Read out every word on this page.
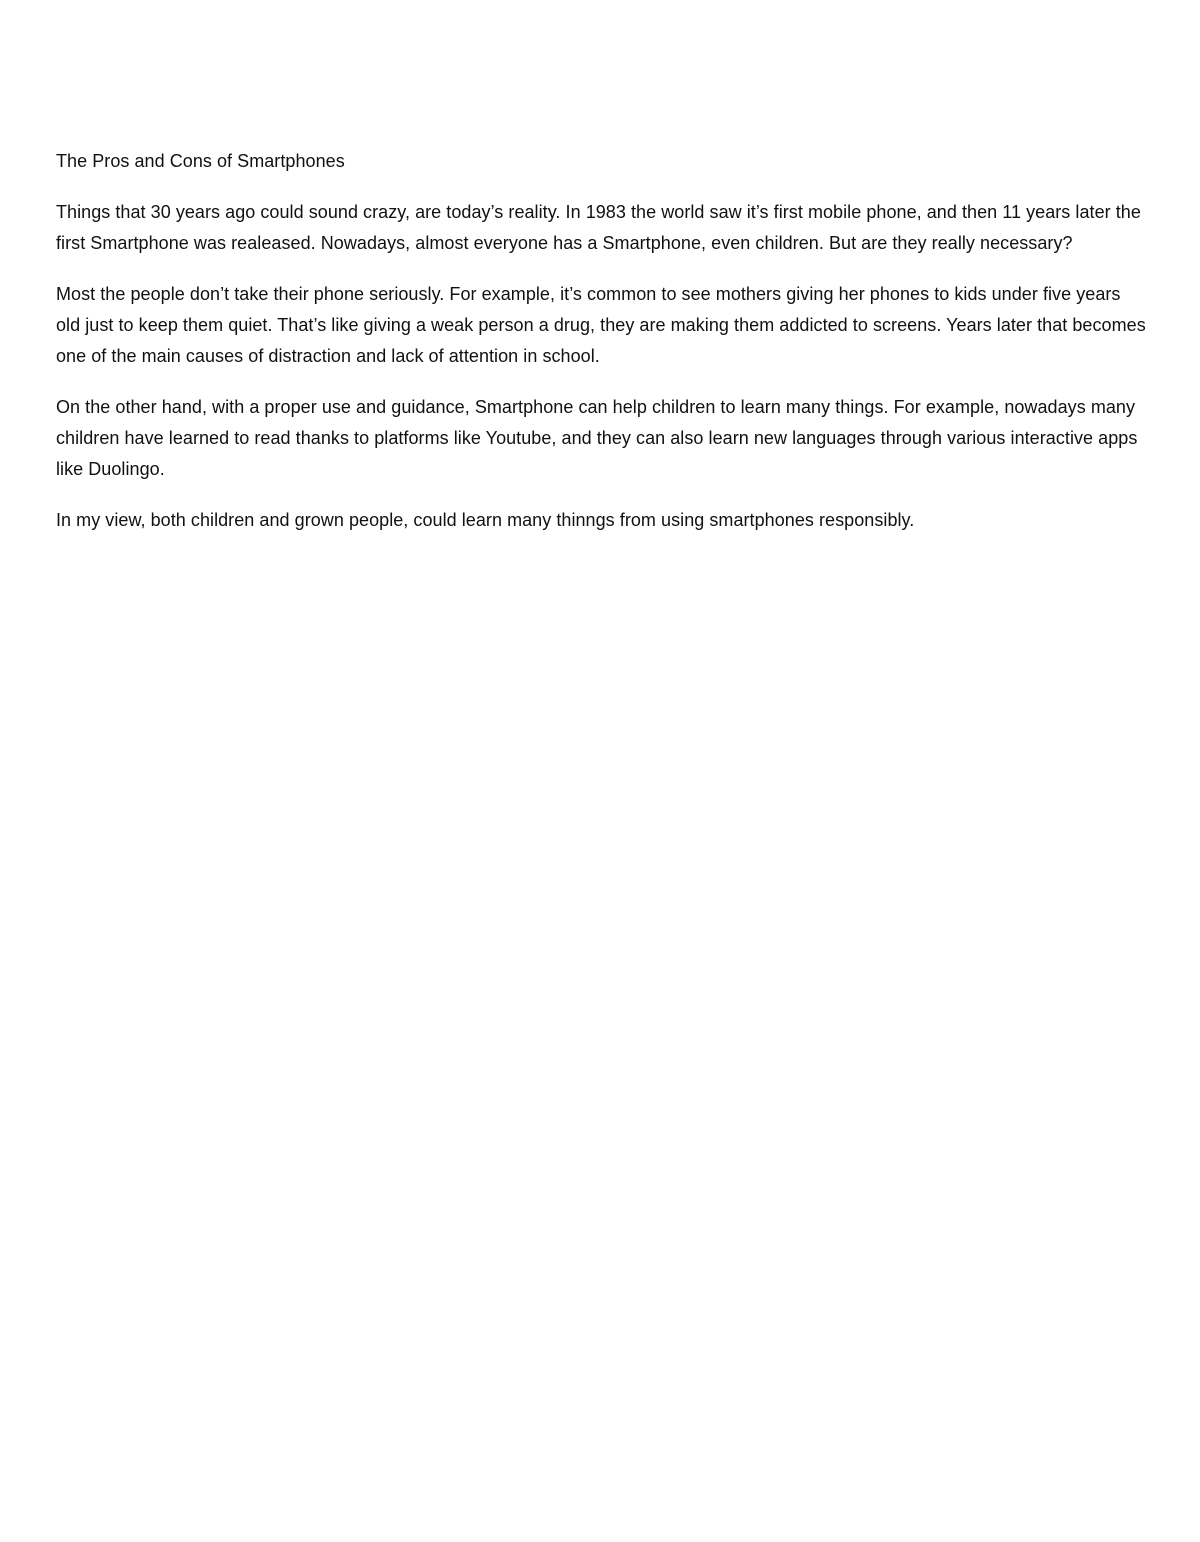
The Pros and Cons of Smartphones

Things that 30 years ago could sound crazy, are today’s reality. In 1983 the world saw it’s first mobile phone, and then 11 years later the first Smartphone was realeased. Nowadays, almost everyone has a Smartphone, even children. But are they really necessary?

Most the people don’t take their phone seriously. For example, it’s common to see mothers giving her phones to kids under five years old just to keep them quiet. That’s like giving a weak person a drug, they are making them addicted to screens. Years later that becomes one of the main causes of distraction and lack of attention in school.

On the other hand, with a proper use and guidance, Smartphone can help children to learn many things. For example, nowadays many children have learned to read thanks to platforms like Youtube, and they can also learn new languages through various interactive apps like Duolingo.

In my view, both children and grown people, could learn many thinngs from using smartphones responsibly.
